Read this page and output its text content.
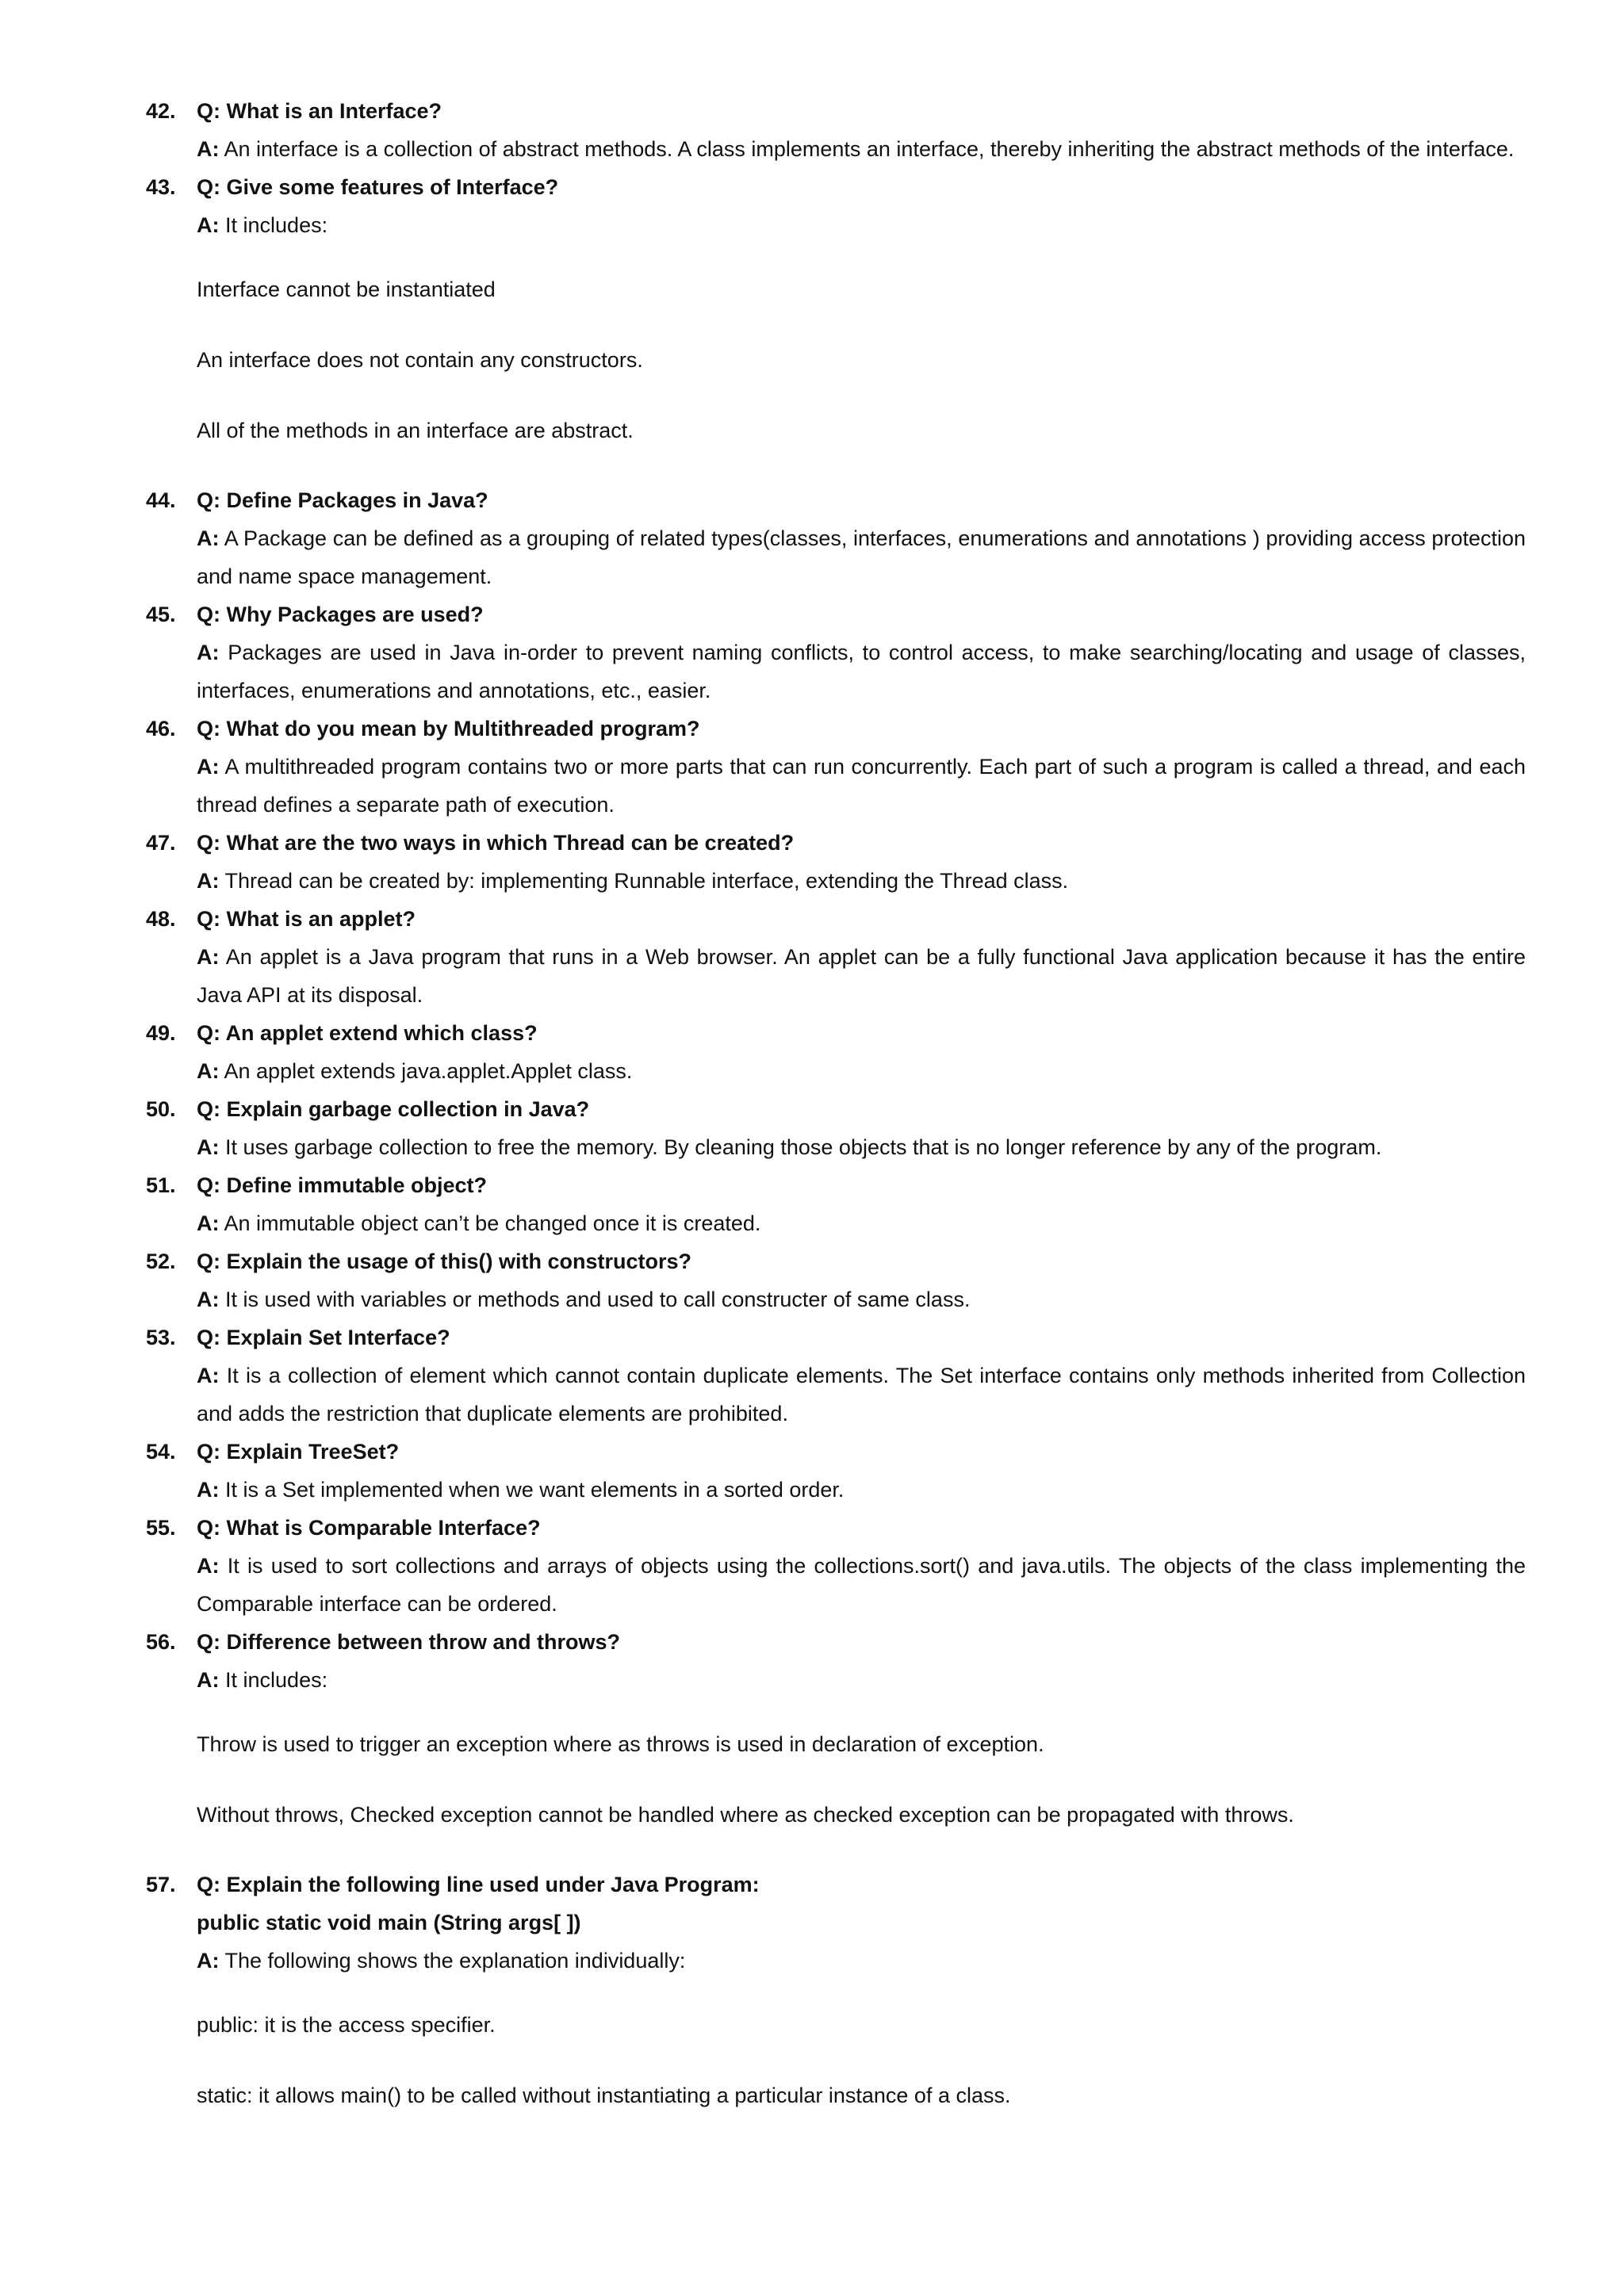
42. Q: What is an Interface?
A: An interface is a collection of abstract methods. A class implements an interface, thereby inheriting the abstract methods of the interface.
43. Q: Give some features of Interface?
A: It includes:

Interface cannot be instantiated

An interface does not contain any constructors.

All of the methods in an interface are abstract.

44. Q: Define Packages in Java?
A: A Package can be defined as a grouping of related types(classes, interfaces, enumerations and annotations ) providing access protection and name space management.
45. Q: Why Packages are used?
A: Packages are used in Java in-order to prevent naming conflicts, to control access, to make searching/locating and usage of classes, interfaces, enumerations and annotations, etc., easier.
46. Q: What do you mean by Multithreaded program?
A: A multithreaded program contains two or more parts that can run concurrently. Each part of such a program is called a thread, and each thread defines a separate path of execution.
47. Q: What are the two ways in which Thread can be created?
A: Thread can be created by: implementing Runnable interface, extending the Thread class.
48. Q: What is an applet?
A: An applet is a Java program that runs in a Web browser. An applet can be a fully functional Java application because it has the entire Java API at its disposal.
49. Q: An applet extend which class?
A: An applet extends java.applet.Applet class.
50. Q: Explain garbage collection in Java?
A: It uses garbage collection to free the memory. By cleaning those objects that is no longer reference by any of the program.
51. Q: Define immutable object?
A: An immutable object can’t be changed once it is created.
52. Q: Explain the usage of this() with constructors?
A: It is used with variables or methods and used to call constructer of same class.
53. Q: Explain Set Interface?
A: It is a collection of element which cannot contain duplicate elements. The Set interface contains only methods inherited from Collection and adds the restriction that duplicate elements are prohibited.
54. Q: Explain TreeSet?
A: It is a Set implemented when we want elements in a sorted order.
55. Q: What is Comparable Interface?
A: It is used to sort collections and arrays of objects using the collections.sort() and java.utils. The objects of the class implementing the Comparable interface can be ordered.
56. Q: Difference between throw and throws?
A: It includes:

Throw is used to trigger an exception where as throws is used in declaration of exception.

Without throws, Checked exception cannot be handled where as checked exception can be propagated with throws.

57. Q: Explain the following line used under Java Program:
public static void main (String args[ ])
A: The following shows the explanation individually:

public: it is the access specifier.

static: it allows main() to be called without instantiating a particular instance of a class.
